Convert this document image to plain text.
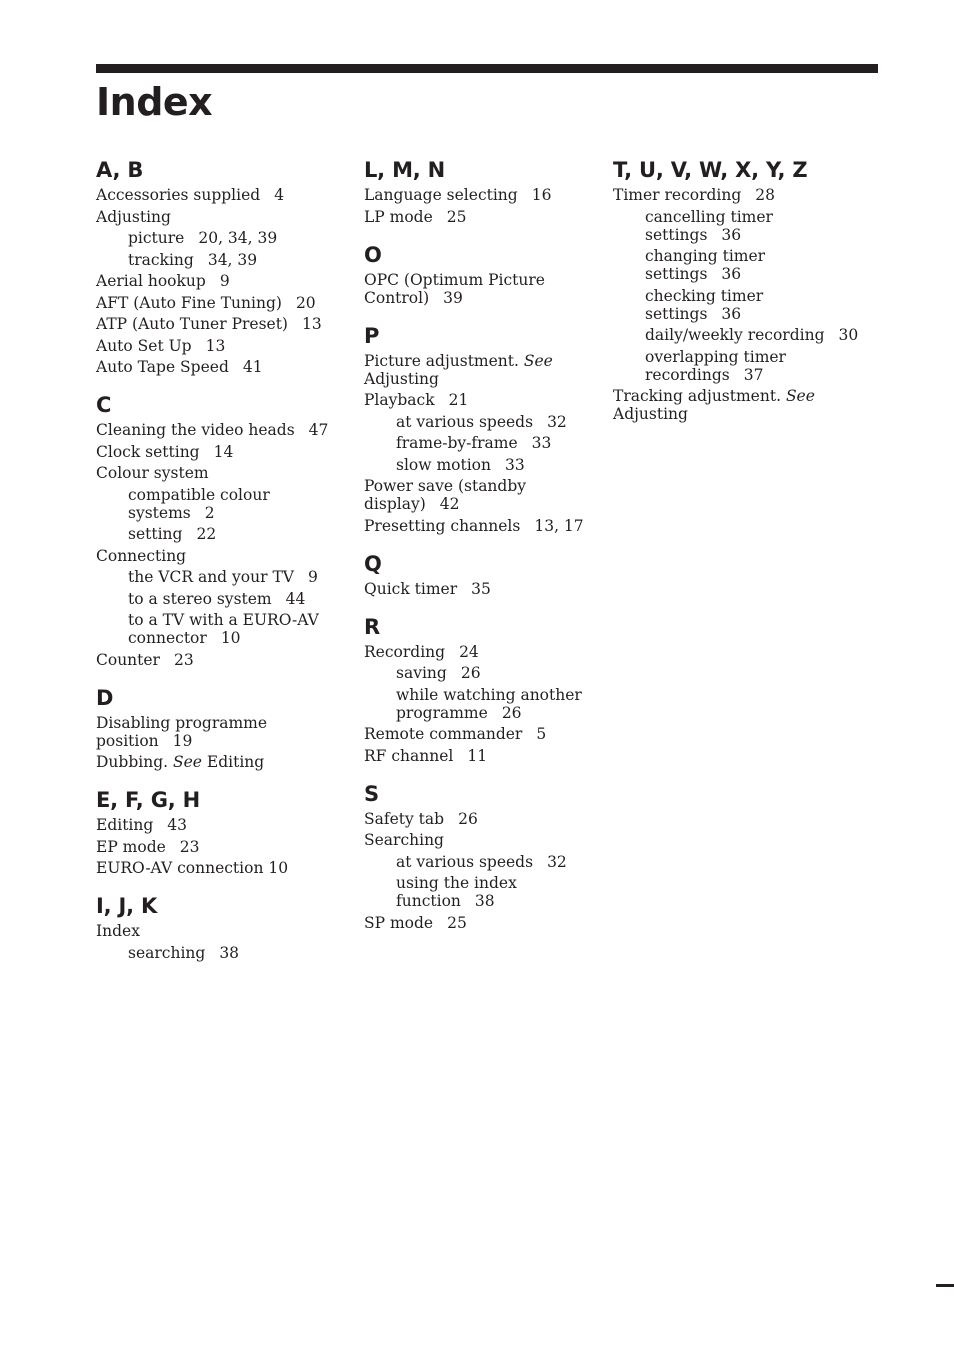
Index
A, B
Accessories supplied 4
Adjusting
picture 20, 34, 39
tracking 34, 39
Aerial hookup 9
AFT (Auto Fine Tuning) 20
ATP (Auto Tuner Preset) 13
Auto Set Up 13
Auto Tape Speed 41
C
Cleaning the video heads 47
Clock setting 14
Colour system
compatible colour systems 2
setting 22
Connecting
the VCR and your TV 9
to a stereo system 44
to a TV with a EURO-AV connector 10
Counter 23
D
Disabling programme position 19
Dubbing. See Editing
E, F, G, H
Editing 43
EP mode 23
EURO-AV connection 10
I, J, K
Index
searching 38
L, M, N
Language selecting 16
LP mode 25
O
OPC (Optimum Picture Control) 39
P
Picture adjustment. See Adjusting
Playback 21
at various speeds 32
frame-by-frame 33
slow motion 33
Power save (standby display) 42
Presetting channels 13, 17
Q
Quick timer 35
R
Recording 24
saving 26
while watching another programme 26
Remote commander 5
RF channel 11
S
Safety tab 26
Searching
at various speeds 32
using the index function 38
SP mode 25
T, U, V, W, X, Y, Z
Timer recording 28
cancelling timer settings 36
changing timer settings 36
checking timer settings 36
daily/weekly recording 30
overlapping timer recordings 37
Tracking adjustment. See Adjusting
